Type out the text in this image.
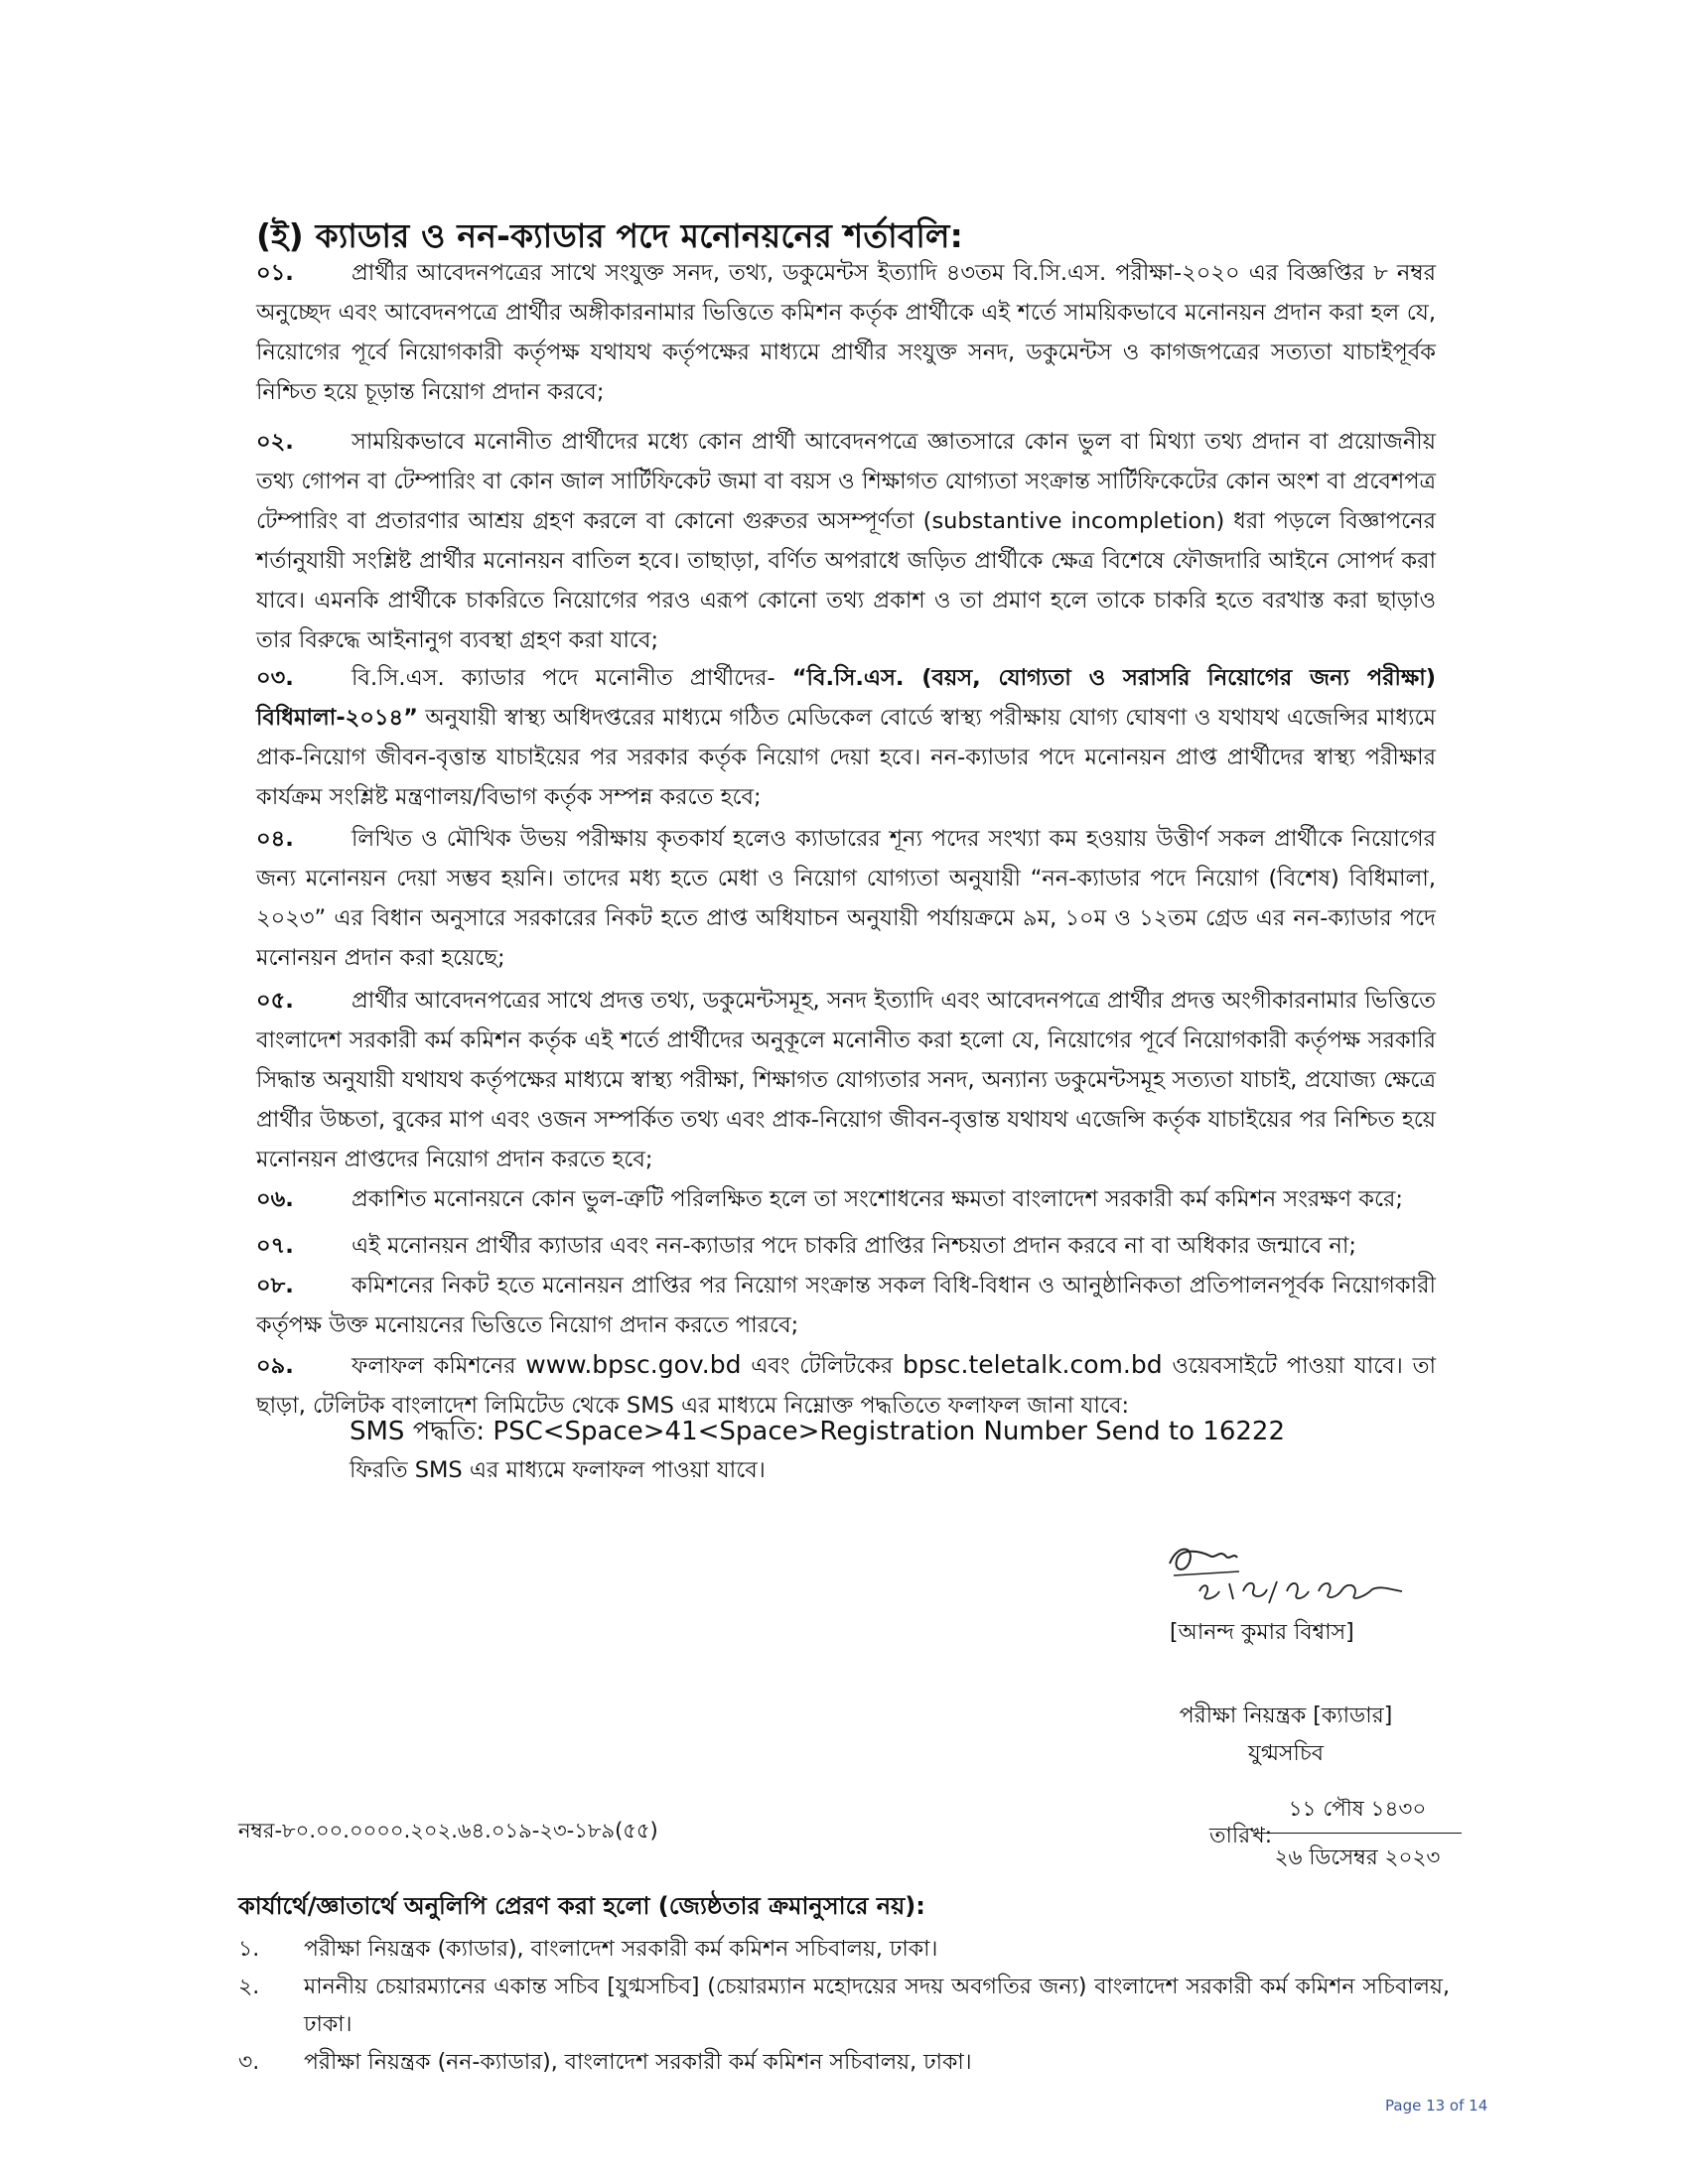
(ই) ক্যাডার ও নন-ক্যাডার পদে মনোনয়নের শর্তাবলি:
০১.	প্রার্থীর আবেদনপত্রের সাথে সংযুক্ত সনদ, তথ্য, ডকুমেন্টস ইত্যাদি ৪৩তম বি.সি.এস. পরীক্ষা-২০২০ এর বিজ্ঞপ্তির ৮ নম্বর অনুচ্ছেদ এবং আবেদনপত্রে প্রার্থীর অঙ্গীকারনামার ভিত্তিতে কমিশন কর্তৃক প্রার্থীকে এই শর্তে সাময়িকভাবে মনোনয়ন প্রদান করা হল যে, নিয়োগের পূর্বে নিয়োগকারী কর্তৃপক্ষ যথাযথ কর্তৃপক্ষের মাধ্যমে প্রার্থীর সংযুক্ত সনদ, ডকুমেন্টস ও কাগজপত্রের সত্যতা যাচাইপূর্বক নিশ্চিত হয়ে চূড়ান্ত নিয়োগ প্রদান করবে;
০২.	সাময়িকভাবে মনোনীত প্রার্থীদের মধ্যে কোন প্রার্থী আবেদনপত্রে জ্ঞাতসারে কোন ভুল বা মিথ্যা তথ্য প্রদান বা প্রয়োজনীয় তথ্য গোপন বা টেম্পারিং বা কোন জাল সার্টিফিকেট জমা বা বয়স ও শিক্ষাগত যোগ্যতা সংক্রান্ত সার্টিফিকেটের কোন অংশ বা প্রবেশপত্র টেম্পারিং বা প্রতারণার আশ্রয় গ্রহণ করলে বা কোনো গুরুতর অসম্পূর্ণতা (substantive incompletion) ধরা পড়লে বিজ্ঞাপনের শর্তানুযায়ী সংশ্লিষ্ট প্রার্থীর মনোনয়ন বাতিল হবে। তাছাড়া, বর্ণিত অপরাধে জড়িত প্রার্থীকে ক্ষেত্র বিশেষে ফৌজদারি আইনে সোপর্দ করা যাবে। এমনকি প্রার্থীকে চাকরিতে নিয়োগের পরও এরূপ কোনো তথ্য প্রকাশ ও তা প্রমাণ হলে তাকে চাকরি হতে বরখাস্ত করা ছাড়াও তার বিরুদ্ধে আইনানুগ ব্যবস্থা গ্রহণ করা যাবে;
০৩.	বি.সি.এস. ক্যাডার পদে মনোনীত প্রার্থীদের- “বি.সি.এস. (বয়স, যোগ্যতা ও সরাসরি নিয়োগের জন্য পরীক্ষা) বিধিমালা-২০১৪” অনুযায়ী স্বাস্থ্য অধিদপ্তরের মাধ্যমে গঠিত মেডিকেল বোর্ডে স্বাস্থ্য পরীক্ষায় যোগ্য ঘোষণা ও যথাযথ এজেন্সির মাধ্যমে প্রাক-নিয়োগ জীবন-বৃত্তান্ত যাচাইয়ের পর সরকার কর্তৃক নিয়োগ দেয়া হবে। নন-ক্যাডার পদে মনোনয়ন প্রাপ্ত প্রার্থীদের স্বাস্থ্য পরীক্ষার কার্যক্রম সংশ্লিষ্ট মন্ত্রণালয়/বিভাগ কর্তৃক সম্পন্ন করতে হবে;
০৪.	লিখিত ও মৌখিক উভয় পরীক্ষায় কৃতকার্য হলেও ক্যাডারের শূন্য পদের সংখ্যা কম হওয়ায় উত্তীর্ণ সকল প্রার্থীকে নিয়োগের জন্য মনোনয়ন দেয়া সম্ভব হয়নি। তাদের মধ্য হতে মেধা ও নিয়োগ যোগ্যতা অনুযায়ী “নন-ক্যাডার পদে নিয়োগ (বিশেষ) বিধিমালা, ২০২৩” এর বিধান অনুসারে সরকারের নিকট হতে প্রাপ্ত অধিযাচন অনুযায়ী পর্যায়ক্রমে ৯ম, ১০ম ও ১২তম গ্রেড এর নন-ক্যাডার পদে মনোনয়ন প্রদান করা হয়েছে;
০৫.	প্রার্থীর আবেদনপত্রের সাথে প্রদত্ত তথ্য, ডকুমেন্টসমূহ, সনদ ইত্যাদি এবং আবেদনপত্রে প্রার্থীর প্রদত্ত অংগীকারনামার ভিত্তিতে বাংলাদেশ সরকারী কর্ম কমিশন কর্তৃক এই শর্তে প্রার্থীদের অনুকূলে মনোনীত করা হলো যে, নিয়োগের পূর্বে নিয়োগকারী কর্তৃপক্ষ সরকারি সিদ্ধান্ত অনুযায়ী যথাযথ কর্তৃপক্ষের মাধ্যমে স্বাস্থ্য পরীক্ষা, শিক্ষাগত যোগ্যতার সনদ, অন্যান্য ডকুমেন্টসমূহ সত্যতা যাচাই, প্রযোজ্য ক্ষেত্রে প্রার্থীর উচ্চতা, বুকের মাপ এবং ওজন সম্পর্কিত তথ্য এবং প্রাক-নিয়োগ জীবন-বৃত্তান্ত যথাযথ এজেন্সি কর্তৃক যাচাইয়ের পর নিশ্চিত হয়ে মনোনয়ন প্রাপ্তদের নিয়োগ প্রদান করতে হবে;
০৬.	প্রকাশিত মনোনয়নে কোন ভুল-ত্রুটি পরিলক্ষিত হলে তা সংশোধনের ক্ষমতা বাংলাদেশ সরকারী কর্ম কমিশন সংরক্ষণ করে;
০৭.	এই মনোনয়ন প্রার্থীর ক্যাডার এবং নন-ক্যাডার পদে চাকরি প্রাপ্তির নিশ্চয়তা প্রদান করবে না বা অধিকার জন্মাবে না;
০৮.	কমিশনের নিকট হতে মনোনয়ন প্রাপ্তির পর নিয়োগ সংক্রান্ত সকল বিধি-বিধান ও আনুষ্ঠানিকতা প্রতিপালনপূর্বক নিয়োগকারী কর্তৃপক্ষ উক্ত মনোয়নের ভিত্তিতে নিয়োগ প্রদান করতে পারবে;
০৯.	ফলাফল কমিশনের www.bpsc.gov.bd এবং টেলিটকের bpsc.teletalk.com.bd ওয়েবসাইটে পাওয়া যাবে। তা ছাড়া, টেলিটক বাংলাদেশ লিমিটেড থেকে SMS এর মাধ্যমে নিম্নোক্ত পদ্ধতিতে ফলাফল জানা যাবে:
SMS পদ্ধতি: PSC<Space>41<Space>Registration Number Send to 16222
ফিরতি SMS এর মাধ্যমে ফলাফল পাওয়া যাবে।
[আনন্দ কুমার বিশ্বাস]
পরীক্ষা নিয়ন্ত্রক [ক্যাডার]
যুগ্মসচিব
নম্বর-৮০.০০.০০০০.২০২.৬৪.০১৯-২৩-১৮৯(৫৫)	তারিখ:
১১ পৌষ ১৪৩০
২৬ ডিসেম্বর ২০২৩
কার্যার্থে/জ্ঞাতার্থে অনুলিপি প্রেরণ করা হলো (জ্যেষ্ঠতার ক্রমানুসারে নয়):
১.	পরীক্ষা নিয়ন্ত্রক (ক্যাডার), বাংলাদেশ সরকারী কর্ম কমিশন সচিবালয়, ঢাকা।
২.	মাননীয় চেয়ারম্যানের একান্ত সচিব [যুগ্মসচিব] (চেয়ারম্যান মহোদয়ের সদয় অবগতির জন্য) বাংলাদেশ সরকারী কর্ম কমিশন সচিবালয়, ঢাকা।
৩.	পরীক্ষা নিয়ন্ত্রক (নন-ক্যাডার), বাংলাদেশ সরকারী কর্ম কমিশন সচিবালয়, ঢাকা।
Page 13 of 14
